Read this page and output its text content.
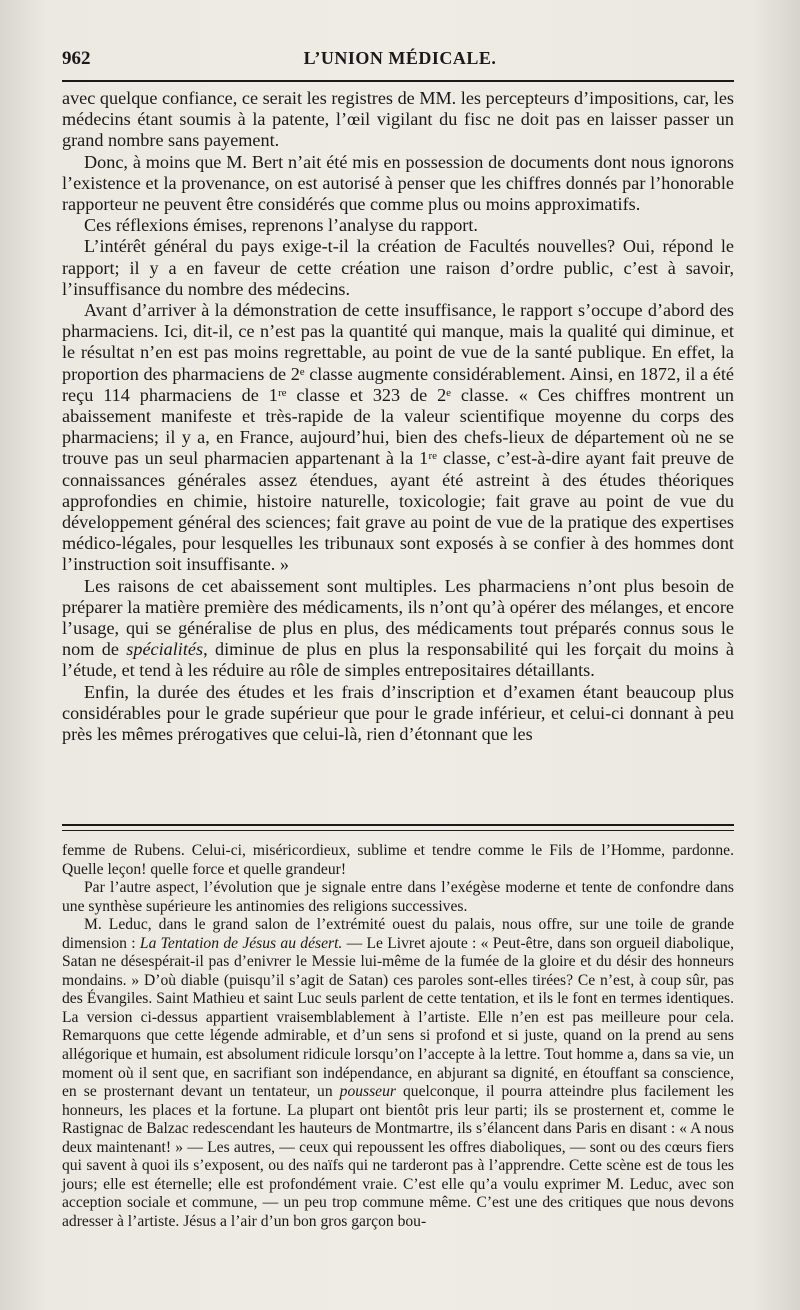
962	L’UNION MÉDICALE.

avec quelque confiance, ce serait les registres de MM. les percepteurs d’impositions, car, les médecins étant soumis à la patente, l’œil vigilant du fisc ne doit pas en laisser passer un grand nombre sans payement.

Donc, à moins que M. Bert n’ait été mis en possession de documents dont nous ignorons l’existence et la provenance, on est autorisé à penser que les chiffres donnés par l’honorable rapporteur ne peuvent être considérés que comme plus ou moins approximatifs.

Ces réflexions émises, reprenons l’analyse du rapport.

L’intérêt général du pays exige-t-il la création de Facultés nouvelles? Oui, répond le rapport; il y a en faveur de cette création une raison d’ordre public, c’est à savoir, l’insuffisance du nombre des médecins.

Avant d’arriver à la démonstration de cette insuffisance, le rapport s’occupe d’abord des pharmaciens. Ici, dit-il, ce n’est pas la quantité qui manque, mais la qualité qui diminue, et le résultat n’en est pas moins regrettable, au point de vue de la santé publique. En effet, la proportion des pharmaciens de 2ᵉ classe augmente considérablement. Ainsi, en 1872, il a été reçu 114 pharmaciens de 1ʳᵉ classe et 323 de 2ᵉ classe. « Ces chiffres montrent un abaissement manifeste et très-rapide de la valeur scientifique moyenne du corps des pharmaciens; il y a, en France, aujourd’hui, bien des chefs-lieux de département où ne se trouve pas un seul pharmacien appartenant à la 1ʳᵉ classe, c’est-à-dire ayant fait preuve de connaissances générales assez étendues, ayant été astreint à des études théoriques approfondies en chimie, histoire naturelle, toxicologie; fait grave au point de vue du développement général des sciences; fait grave au point de vue de la pratique des expertises médico-légales, pour lesquelles les tribunaux sont exposés à se confier à des hommes dont l’instruction soit insuffisante. »

Les raisons de cet abaissement sont multiples. Les pharmaciens n’ont plus besoin de préparer la matière première des médicaments, ils n’ont qu’à opérer des mélanges, et encore l’usage, qui se généralise de plus en plus, des médicaments tout préparés connus sous le nom de spécialités, diminue de plus en plus la responsabilité qui les forçait du moins à l’étude, et tend à les réduire au rôle de simples entrepositaires détaillants.

Enfin, la durée des études et les frais d’inscription et d’examen étant beaucoup plus considérables pour le grade supérieur que pour le grade inférieur, et celui-ci donnant à peu près les mêmes prérogatives que celui-là, rien d’étonnant que les

femme de Rubens. Celui-ci, miséricordieux, sublime et tendre comme le Fils de l’Homme, pardonne. Quelle leçon! quelle force et quelle grandeur!

Par l’autre aspect, l’évolution que je signale entre dans l’exégèse moderne et tente de confondre dans une synthèse supérieure les antinomies des religions successives.

M. Leduc, dans le grand salon de l’extrémité ouest du palais, nous offre, sur une toile de grande dimension : La Tentation de Jésus au désert. — Le Livret ajoute : « Peut-être, dans son orgueil diabolique, Satan ne désespérait-il pas d’enivrer le Messie lui-même de la fumée de la gloire et du désir des honneurs mondains. » D’où diable (puisqu’il s’agit de Satan) ces paroles sont-elles tirées? Ce n’est, à coup sûr, pas des Évangiles. Saint Mathieu et saint Luc seuls parlent de cette tentation, et ils le font en termes identiques. La version ci-dessus appartient vraisemblablement à l’artiste. Elle n’en est pas meilleure pour cela. Remarquons que cette légende admirable, et d’un sens si profond et si juste, quand on la prend au sens allégorique et humain, est absolument ridicule lorsqu’on l’accepte à la lettre. Tout homme a, dans sa vie, un moment où il sent que, en sacrifiant son indépendance, en abjurant sa dignité, en étouffant sa conscience, en se prosternant devant un tentateur, un pousseur quelconque, il pourra atteindre plus facilement les honneurs, les places et la fortune. La plupart ont bientôt pris leur parti; ils se prosternent et, comme le Rastignac de Balzac redescendant les hauteurs de Montmartre, ils s’élancent dans Paris en disant : « A nous deux maintenant! » — Les autres, — ceux qui repoussent les offres diaboliques, — sont ou des cœurs fiers qui savent à quoi ils s’exposent, ou des naïfs qui ne tarderont pas à l’apprendre. Cette scène est de tous les jours; elle est éternelle; elle est profondément vraie. C’est elle qu’a voulu exprimer M. Leduc, avec son acception sociale et commune, — un peu trop commune même. C’est une des critiques que nous devons adresser à l’artiste. Jésus a l’air d’un bon gros garçon bou-
